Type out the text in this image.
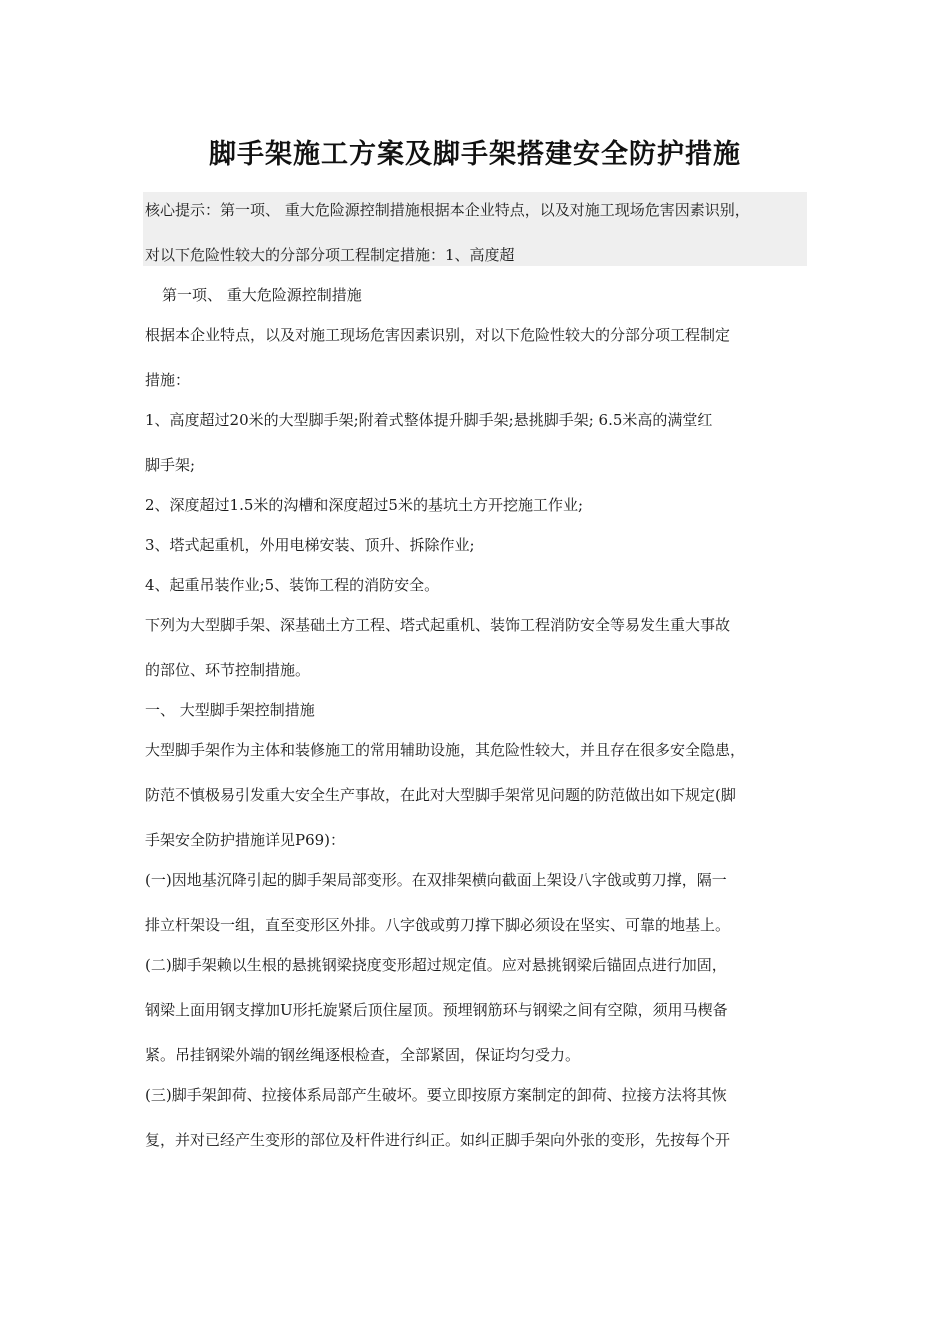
脚手架施工方案及脚手架搭建安全防护措施

核心提示：第一项、 重大危险源控制措施根据本企业特点，以及对施工现场危害因素识别，

对以下危险性较大的分部分项工程制定措施：1、高度超

第一项、 重大危险源控制措施

根据本企业特点，以及对施工现场危害因素识别，对以下危险性较大的分部分项工程制定

措施：

1、高度超过20米的大型脚手架;附着式整体提升脚手架;悬挑脚手架; 6.5米高的满堂红

脚手架;

2、深度超过1.5米的沟槽和深度超过5米的基坑土方开挖施工作业;

3、塔式起重机，外用电梯安装、顶升、拆除作业;

4、起重吊装作业;5、装饰工程的消防安全。

下列为大型脚手架、深基础土方工程、塔式起重机、装饰工程消防安全等易发生重大事故

的部位、环节控制措施。

一、 大型脚手架控制措施

大型脚手架作为主体和装修施工的常用辅助设施，其危险性较大，并且存在很多安全隐患，

防范不慎极易引发重大安全生产事故，在此对大型脚手架常见问题的防范做出如下规定(脚

手架安全防护措施详见P69)：

(一)因地基沉降引起的脚手架局部变形。在双排架横向截面上架设八字戗或剪刀撑，隔一

排立杆架设一组，直至变形区外排。八字戗或剪刀撑下脚必须设在坚实、可靠的地基上。

(二)脚手架赖以生根的悬挑钢梁挠度变形超过规定值。应对悬挑钢梁后锚固点进行加固，

钢梁上面用钢支撑加U形托旋紧后顶住屋顶。预埋钢筋环与钢梁之间有空隙，须用马楔备

紧。吊挂钢梁外端的钢丝绳逐根检查，全部紧固，保证均匀受力。

(三)脚手架卸荷、拉接体系局部产生破坏。要立即按原方案制定的卸荷、拉接方法将其恢

复，并对已经产生变形的部位及杆件进行纠正。如纠正脚手架向外张的变形，先按每个开
